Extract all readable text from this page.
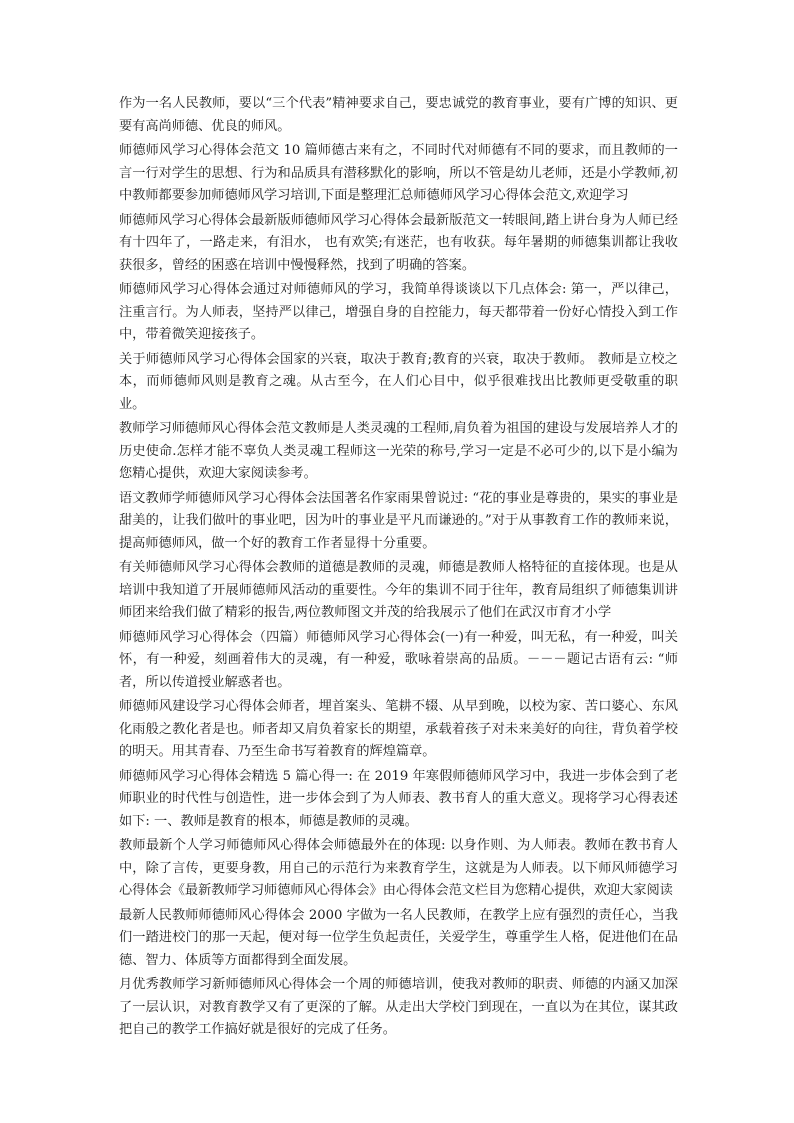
作为一名人民教师，要以“三个代表”精神要求自己，要忠诚党的教育事业，要有广博的知识、更要有高尚师德、优良的师风。

师德师风学习心得体会范文 10 篇师德古来有之，不同时代对师德有不同的要求，而且教师的一言一行对学生的思想、行为和品质具有潜移默化的影响，所以不管是幼儿老师，还是小学教师,初中教师都要参加师德师风学习培训,下面是整理汇总师德师风学习心得体会范文,欢迎学习

师德师风学习心得体会最新版师德师风学习心得体会最新版范文一转眼间,踏上讲台身为人师已经有十四年了，一路走来，有泪水， 也有欢笑;有迷茫，也有收获。每年暑期的师德集训都让我收获很多，曾经的困惑在培训中慢慢释然，找到了明确的答案。

师德师风学习心得体会通过对师德师风的学习，我简单得谈谈以下几点体会: 第一，严以律己，注重言行。为人师表，坚持严以律己，增强自身的自控能力，每天都带着一份好心情投入到工作中，带着微笑迎接孩子。

关于师德师风学习心得体会国家的兴衰，取决于教育;教育的兴衰，取决于教师。 教师是立校之本，而师德师风则是教育之魂。从古至今，在人们心目中，似乎很难找出比教师更受敬重的职业。

教师学习师德师风心得体会范文教师是人类灵魂的工程师,肩负着为祖国的建设与发展培养人才的历史使命.怎样才能不辜负人类灵魂工程师这一光荣的称号,学习一定是不必可少的,以下是小编为您精心提供，欢迎大家阅读参考。

语文教师学师德师风学习心得体会法国著名作家雨果曾说过: “花的事业是尊贵的，果实的事业是甜美的，让我们做叶的事业吧，因为叶的事业是平凡而谦逊的。”对于从事教育工作的教师来说，提高师德师风，做一个好的教育工作者显得十分重要。

有关师德师风学习心得体会教师的道德是教师的灵魂，师德是教师人格特征的直接体现。也是从培训中我知道了开展师德师风活动的重要性。今年的集训不同于往年，教育局组织了师德集训讲师团来给我们做了精彩的报告,两位教师图文并茂的给我展示了他们在武汉市育才小学

师德师风学习心得体会（四篇）师德师风学习心得体会(一)有一种爱，叫无私，有一种爱，叫关怀，有一种爱，刻画着伟大的灵魂，有一种爱，歌咏着崇高的品质。－－－题记古语有云: “师者，所以传道授业解惑者也。

师德师风建设学习心得体会师者，埋首案头、笔耕不辍、从早到晚，以校为家、苦口婆心、东风化雨般之教化者是也。师者却又肩负着家长的期望，承载着孩子对未来美好的向往，背负着学校的明天。用其青春、乃至生命书写着教育的辉煌篇章。

师德师风学习心得体会精选 5 篇心得一: 在 2019 年寒假师德师风学习中，我进一步体会到了老师职业的时代性与创造性，进一步体会到了为人师表、教书育人的重大意义。现将学习心得表述如下: 一、教师是教育的根本，师德是教师的灵魂。

教师最新个人学习师德师风心得体会师德最外在的体现: 以身作则、为人师表。教师在教书育人中，除了言传，更要身教，用自己的示范行为来教育学生，这就是为人师表。以下师风师德学习心得体会《最新教师学习师德师风心得体会》由心得体会范文栏目为您精心提供，欢迎大家阅读

最新人民教师师德师风心得体会 2000 字做为一名人民教师，在教学上应有强烈的责任心，当我们一踏进校门的那一天起，便对每一位学生负起责任，关爱学生，尊重学生人格，促进他们在品德、智力、体质等方面都得到全面发展。

月优秀教师学习新师德师风心得体会一个周的师德培训，使我对教师的职责、师德的内涵又加深了一层认识，对教育教学又有了更深的了解。从走出大学校门到现在，一直以为在其位，谋其政把自己的教学工作搞好就是很好的完成了任务。
